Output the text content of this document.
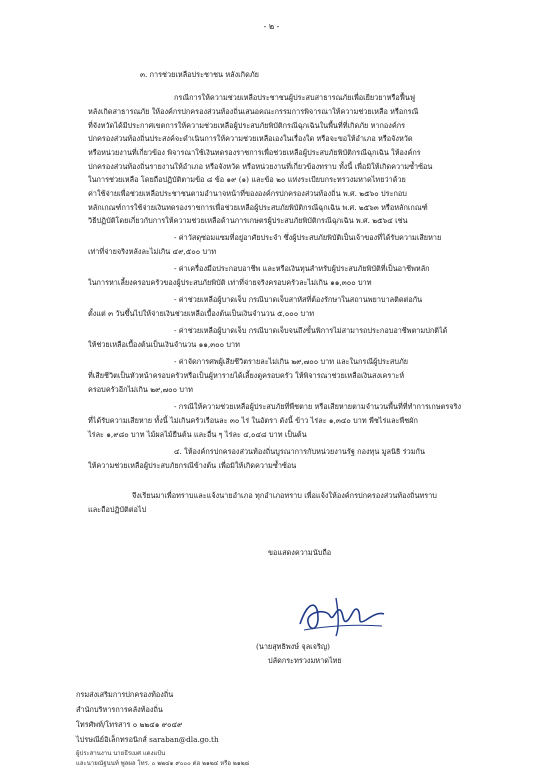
- ๒ -
๓. การช่วยเหลือประชาชน หลังเกิดภัย
กรณีการให้ความช่วยเหลือประชาชนผู้ประสบสาธารณภัยเพื่อเยียวยาหรือฟื้นฟู
หลังเกิดสาธารณภัย ให้องค์กรปกครองส่วนท้องถิ่นเสนอคณะกรรมการพิจารณาให้ความช่วยเหลือ หรือกรณี
ที่จังหวัดได้มีประกาศเขตการให้ความช่วยเหลือผู้ประสบภัยพิบัติกรณีฉุกเฉินในพื้นที่ที่เกิดภัย หากองค์กร
ปกครองส่วนท้องถิ่นประสงค์จะดำเนินการให้ความช่วยเหลือเองในเรื่องใด หรือจะขอให้อำเภอ หรือจังหวัด
หรือหน่วยงานที่เกี่ยวข้อง พิจารณาใช้เงินทดรองราชการเพื่อช่วยเหลือผู้ประสบภัยพิบัติกรณีฉุกเฉิน ให้องค์กร
ปกครองส่วนท้องถิ่นรายงานให้อำเภอ หรือจังหวัด หรือหน่วยงานที่เกี่ยวข้องทราบ ทั้งนี้ เพื่อมิให้เกิดความซ้ำซ้อน
ในการช่วยเหลือ โดยถือปฏิบัติตามข้อ ๘ ข้อ ๑๙ (๑) และข้อ ๒๐ แห่งระเบียบกระทรวงมหาดไทยว่าด้วย
ค่าใช้จ่ายเพื่อช่วยเหลือประชาชนตามอำนาจหน้าที่ขององค์กรปกครองส่วนท้องถิ่น พ.ศ. ๒๕๖๐ ประกอบ
หลักเกณฑ์การใช้จ่ายเงินทดรองราชการเพื่อช่วยเหลือผู้ประสบภัยพิบัติกรณีฉุกเฉิน พ.ศ. ๒๕๖๓ หรือหลักเกณฑ์
วิธีปฏิบัติโดยเกี่ยวกับการให้ความช่วยเหลือด้านการเกษตรผู้ประสบภัยพิบัติกรณีฉุกเฉิน พ.ศ. ๒๕๖๔ เช่น
- ค่าวัสดุซ่อมแซมที่อยู่อาศัยประจำ ซึ่งผู้ประสบภัยพิบัติเป็นเจ้าของที่ได้รับความเสียหาย
เท่าที่จ่ายจริงหลังละไม่เกิน ๔๙,๕๐๐ บาท
- ค่าเครื่องมือประกอบอาชีพ และหรือเงินทุนสำหรับผู้ประสบภัยพิบัติที่เป็นอาชีพหลัก
ในการหาเลี้ยงครอบครัวของผู้ประสบภัยพิบัติ เท่าที่จ่ายจริงครอบครัวละไม่เกิน ๑๑,๓๐๐ บาท
- ค่าช่วยเหลือผู้บาดเจ็บ กรณีบาดเจ็บสาหัสที่ต้องรักษาในสถานพยาบาลติดต่อกัน
ตั้งแต่ ๓ วันขึ้นไปให้จ่ายเงินช่วยเหลือเบื้องต้นเป็นเงินจำนวน ๕,๐๐๐ บาท
- ค่าช่วยเหลือผู้บาดเจ็บ กรณีบาดเจ็บจนถึงขั้นพิการไม่สามารถประกอบอาชีพตามปกติได้
ให้ช่วยเหลือเบื้องต้นเป็นเงินจำนวน ๑๑,๓๐๐ บาท
- ค่าจัดการศพผู้เสียชีวิตรายละไม่เกิน ๒๙,๗๐๐ บาท และในกรณีผู้ประสบภัย
ที่เสียชีวิตเป็นหัวหน้าครอบครัวหรือเป็นผู้หารายได้เลี้ยงดูครอบครัว ให้พิจารณาช่วยเหลือเงินสงเคราะห์
ครอบครัวอีกไม่เกิน ๒๙,๗๐๐ บาท
- กรณีให้ความช่วยเหลือผู้ประสบภัยที่พืชตาย หรือเสียหายตามจำนวนพื้นที่ที่ทำการเกษตรจริง
ที่ได้รับความเสียหาย ทั้งนี้ ไม่เกินครัวเรือนละ ๓๐ ไร่ ในอัตรา ดังนี้ ข้าว ไร่ละ ๑,๓๔๐ บาท พืชไร่และพืชผัก
ไร่ละ ๑,๙๘๐ บาท ไม้ผลไม้ยืนต้น และอื่น ๆ ไร่ละ ๔,๐๔๘ บาท เป็นต้น
๔. ให้องค์กรปกครองส่วนท้องถิ่นบูรณาการกับหน่วยงานรัฐ กองทุน มูลนิธิ ร่วมกัน
ให้ความช่วยเหลือผู้ประสบภัยกรณีข้างต้น เพื่อมิให้เกิดความซ้ำซ้อน
จึงเรียนมาเพื่อทราบและแจ้งนายอำเภอ ทุกอำเภอทราบ เพื่อแจ้งให้องค์กรปกครองส่วนท้องถิ่นทราบ
และถือปฏิบัติต่อไป
ขอแสดงความนับถือ
(นายสุทธิพงษ์ จุลเจริญ)
ปลัดกระทรวงมหาดไทย
กรมส่งเสริมการปกครองท้องถิ่น
สำนักบริหารการคลังท้องถิ่น
โทรศัพท์/โทรสาร ๐ ๒๒๔๑ ๙๐๔๙
ไปรษณีย์อิเล็กทรอนิกส์ saraban@dla.go.th
ผู้ประสานงาน นายธีรเมศ แดงแป้น
และนายณัฐนนท์ พูลผล โทร. ๐ ๒๒๔๑ ๙๐๐๐ ต่อ ๒๑๒๔ หรือ ๒๑๒๘
